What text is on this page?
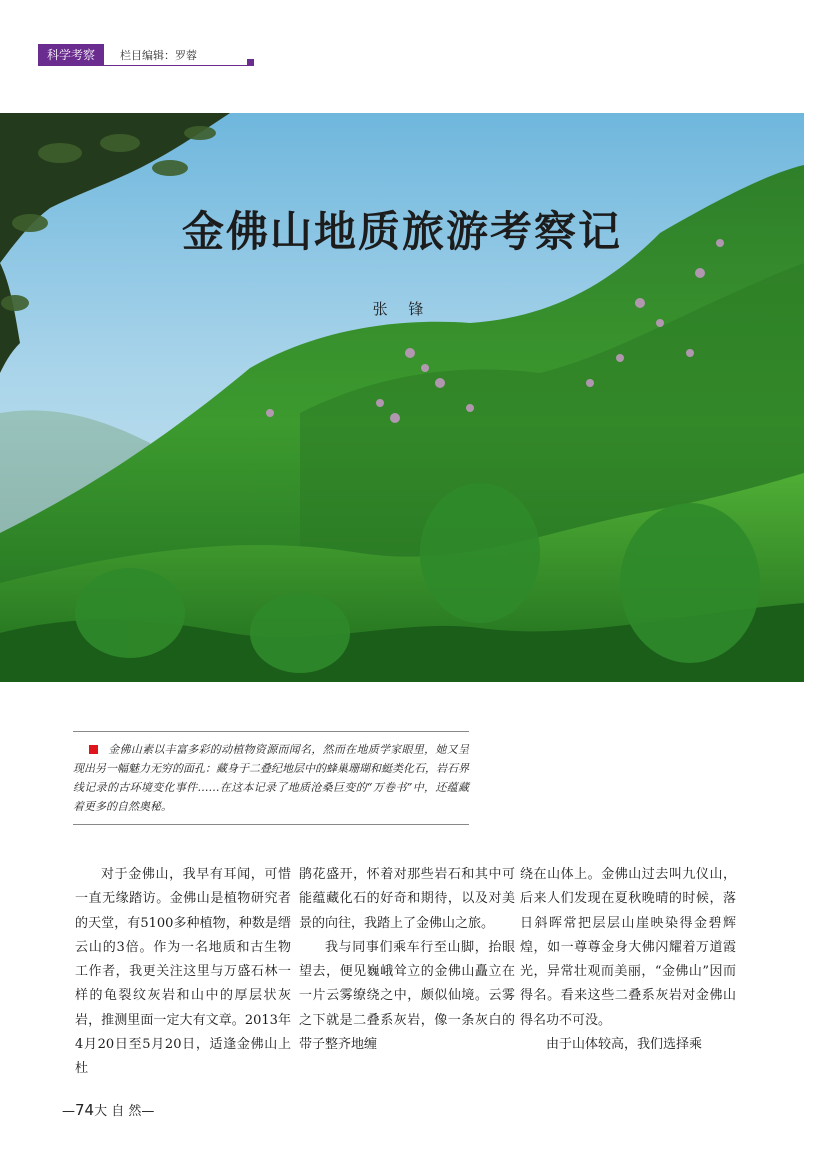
科学考察	栏目编辑：罗蓉
金佛山地质旅游考察记
张 锋

金佛山素以丰富多彩的动植物资源而闻名，然而在地质学家眼里，她又呈现出另一幅魅力无穷的面孔：藏身于二叠纪地层中的蜂巢珊瑚和蜓类化石，岩石界线记录的古环境变化事件……在这本记录了地质沧桑巨变的“万卷书”中，还蕴藏着更多的自然奥秘。

对于金佛山，我早有耳闻，可惜一直无缘踏访。金佛山是植物研究者的天堂，有5100多种植物，种数是缙云山的3倍。作为一名地质和古生物工作者，我更关注这里与万盛石林一样的龟裂纹灰岩和山中的厚层状灰岩，推测里面一定大有文章。2013年4月20日至5月20日，适逢金佛山上杜

鹃花盛开，怀着对那些岩石和其中可能蕴藏化石的好奇和期待，以及对美景的向往，我踏上了金佛山之旅。

我与同事们乘车行至山脚，抬眼望去，便见巍峨耸立的金佛山矗立在一片云雾缭绕之中，颇似仙境。云雾之下就是二叠系灰岩，像一条灰白的带子整齐地缠

绕在山体上。金佛山过去叫九仪山，后来人们发现在夏秋晚晴的时候，落日斜晖常把层层山崖映染得金碧辉煌，如一尊尊金身大佛闪耀着万道霞光，异常壮观而美丽，“金佛山”因而得名。看来这些二叠系灰岩对金佛山得名功不可没。

由于山体较高，我们选择乘

—74大 自 然—
